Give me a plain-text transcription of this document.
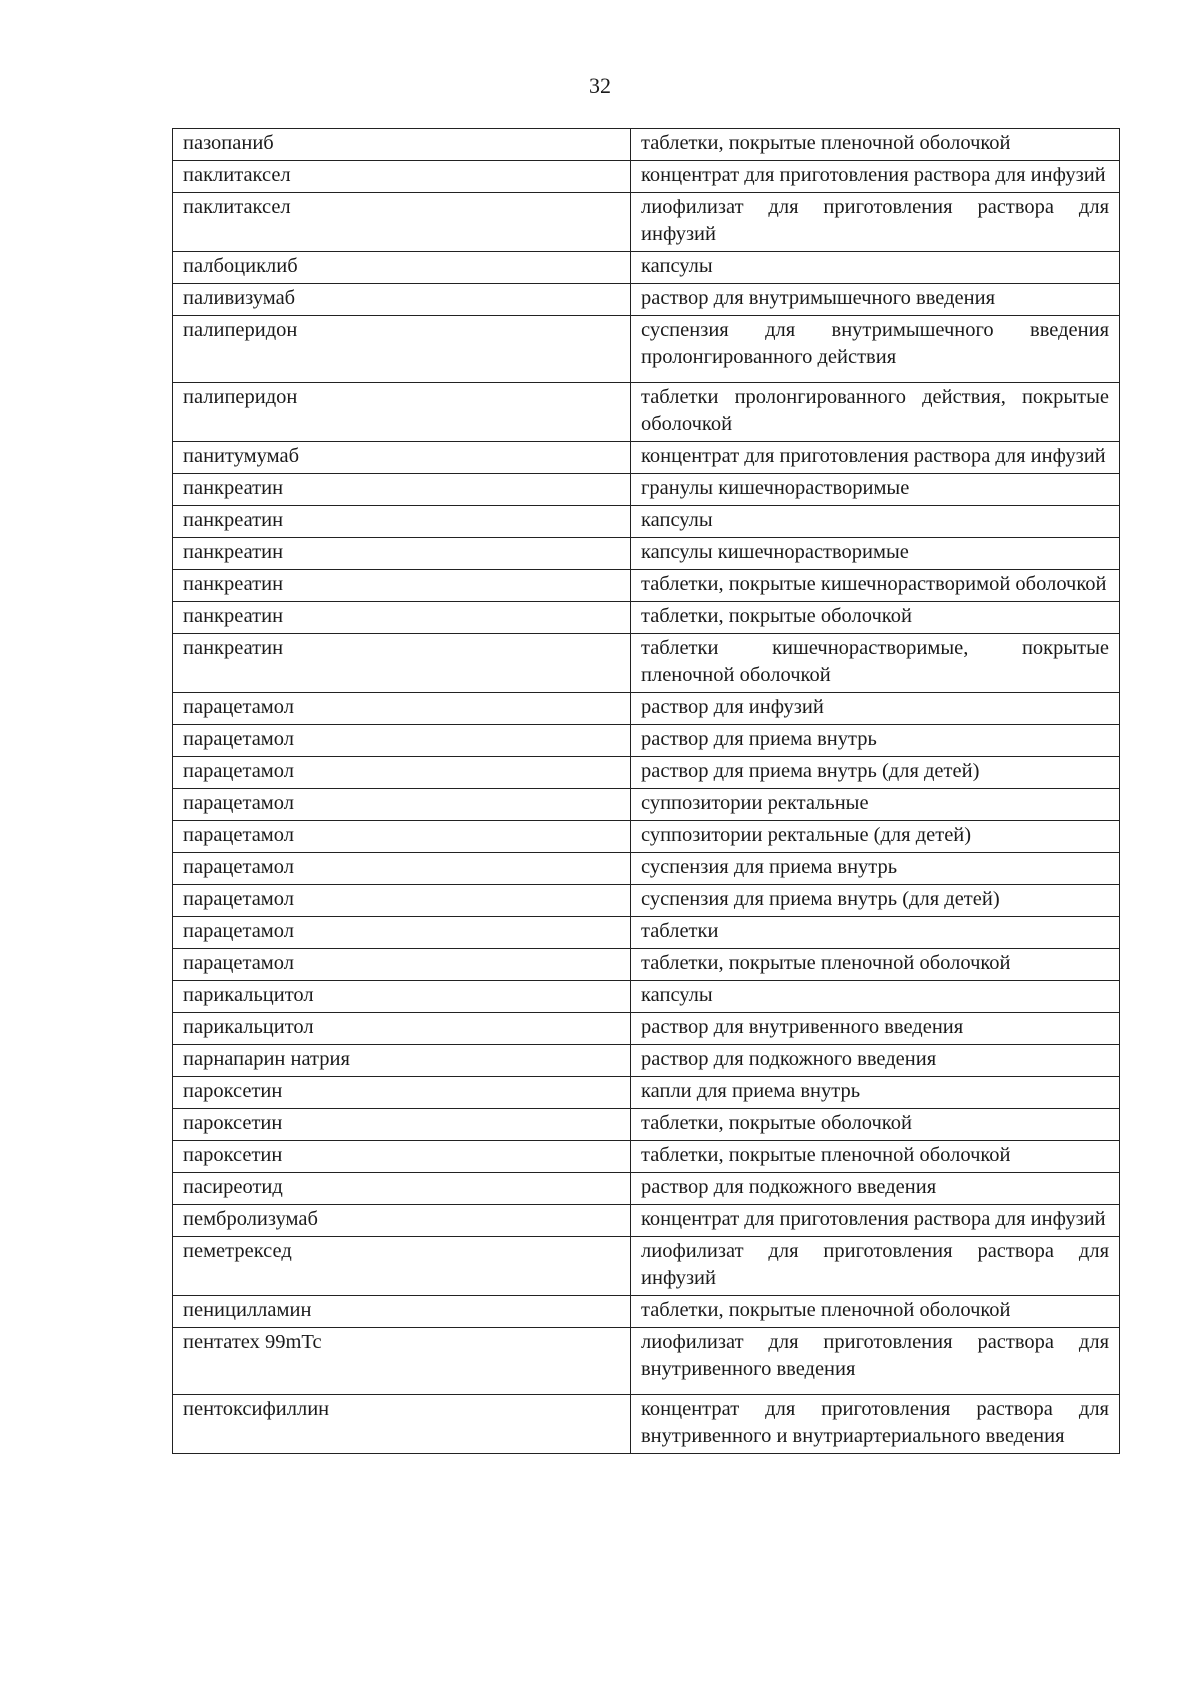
32
пазопаниб	таблетки, покрытые пленочной оболочкой
паклитаксел	концентрат для приготовления раствора для инфузий
паклитаксел	лиофилизат для приготовления раствора для инфузий
палбоциклиб	капсулы
паливизумаб	раствор для внутримышечного введения
палиперидон	суспензия для внутримышечного введения пролонгированного действия
палиперидон	таблетки пролонгированного действия, покрытые оболочкой
панитумумаб	концентрат для приготовления раствора для инфузий
панкреатин	гранулы кишечнорастворимые
панкреатин	капсулы
панкреатин	капсулы кишечнорастворимые
панкреатин	таблетки, покрытые кишечнорастворимой оболочкой
панкреатин	таблетки, покрытые оболочкой
панкреатин	таблетки кишечнорастворимые, покрытые пленочной оболочкой
парацетамол	раствор для инфузий
парацетамол	раствор для приема внутрь
парацетамол	раствор для приема внутрь (для детей)
парацетамол	суппозитории ректальные
парацетамол	суппозитории ректальные (для детей)
парацетамол	суспензия для приема внутрь
парацетамол	суспензия для приема внутрь (для детей)
парацетамол	таблетки
парацетамол	таблетки, покрытые пленочной оболочкой
парикальцитол	капсулы
парикальцитол	раствор для внутривенного введения
парнапарин натрия	раствор для подкожного введения
пароксетин	капли для приема внутрь
пароксетин	таблетки, покрытые оболочкой
пароксетин	таблетки, покрытые пленочной оболочкой
пасиреотид	раствор для подкожного введения
пембролизумаб	концентрат для приготовления раствора для инфузий
пеметрексед	лиофилизат для приготовления раствора для инфузий
пеницилламин	таблетки, покрытые пленочной оболочкой
пентатех 99mTc	лиофилизат для приготовления раствора для внутривенного введения
пентоксифиллин	концентрат для приготовления раствора для внутривенного и внутриартериального введения
